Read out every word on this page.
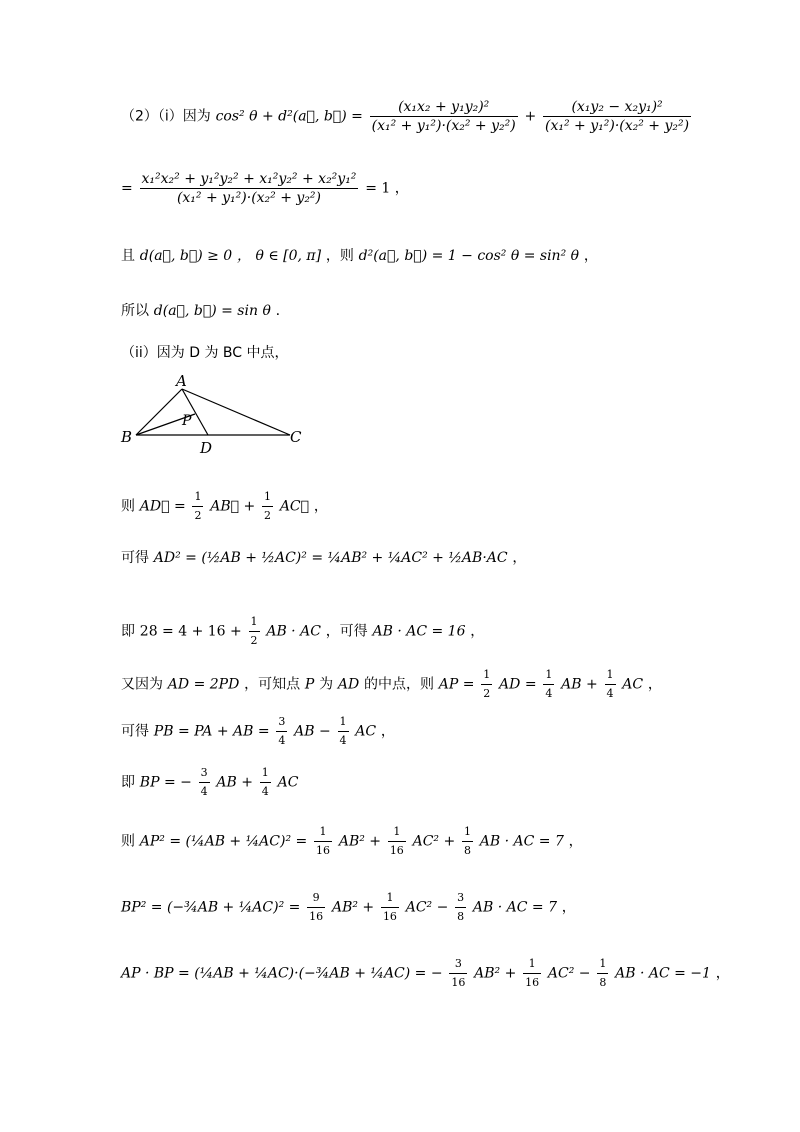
（2）（i）因为 cos² θ + d²(a⃗, b⃗) = $\frac{\text{(x₁x₂ + y₁y₂)²}}{\text{(x₁² + y₁²)·(x₂² + y₂²)}} + \frac{\text{(x₁y₂ − x₂y₁)²}}{\text{(x₁² + y₁²)·(x₂² + y₂²)}}$
= $\frac{\text{x₁²x₂² + y₁²y₂² + x₁²y₂² + x₂²y₁²}}{\text{(x₁² + y₁²)·(x₂² + y₂²)}} = 1$ ，
且 d(a⃗, b⃗) ≥ 0 ， θ ∈ [0, π] ，则 d²(a⃗, b⃗) = 1 − cos² θ = sin² θ ，
所以 d(a⃗, b⃗) = sin θ .
（ii）因为 D 为 BC 中点，
A
B	C
D
P
则 AD⃗ = $\frac{1}{2}$ AB⃗ + $\frac{1}{2}$ AC⃗ ，
可得 AD² = (½AB + ½AC)² = ¼AB² + ¼AC² + ½AB·AC ，
即 $28 = 4 + 16 + \frac{1}{2}$ AB · AC ，可得 AB · AC = 16 ，
又因为 AD = 2PD ，可知点 P 为 AD 的中点，则 AP = $\frac{1}{2}$ AD = $\frac{1}{4}$ AB + $\frac{1}{4}$ AC ，
可得 PB = PA + AB = $\frac{3}{4}$ AB − $\frac{1}{4}$ AC ，
即 BP = − $\frac{3}{4}$ AB + $\frac{1}{4}$ AC
则 AP² = (¼AB + ¼AC)² = $\frac{1}{16} AB^2 + \frac{1}{16} AC^2 + \frac{1}{8}$ AB · AC = 7 ，
BP² = (−¾AB + ¼AC)² = $\frac{9}{16} AB^2 + \frac{1}{16} AC^2 - \frac{3}{8}$ AB · AC = 7 ，
AP · BP = (¼AB + ¼AC)·(−¾AB + ¼AC) = − $\frac{3}{16} AB^2 + \frac{1}{16} AC^2 - \frac{1}{8}$ AB · AC = −1 ，
